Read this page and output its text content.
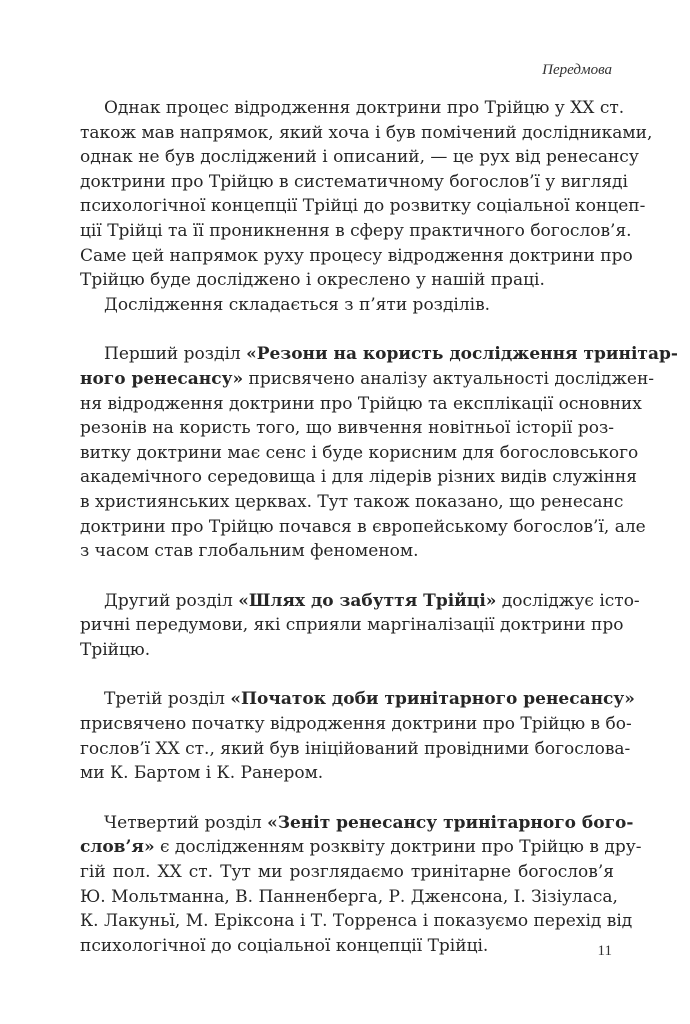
Передмова
Однак процес відродження доктрини про Трійцю у ХХ ст.
також мав напрямок, який хоча і був помічений дослідниками,
однак не був досліджений і описаний, — це рух від ренесансу
доктрини про Трійцю в систематичному богослов’ї у вигляді
психологічної концепції Трійці до розвитку соціальної концеп-
ції Трійці та її проникнення в сферу практичного богослов’я.
Саме цей напрямок руху процесу відродження доктрини про
Трійцю буде досліджено і окреслено у нашій праці.
Дослідження складається з п’яти розділів.
Перший розділ «Резони на користь дослідження тринітар-
ного ренесансу» присвячено аналізу актуальності досліджен-
ня відродження доктрини про Трійцю та експлікації основних
резонів на користь того, що вивчення новітньої історії роз-
витку доктрини має сенс і буде корисним для богословського
академічного середовища і для лідерів різних видів служіння
в християнських церквах. Тут також показано, що ренесанс
доктрини про Трійцю почався в європейському богослов’ї, але
з часом став глобальним феноменом.
Другий розділ «Шлях до забуття Трійці» досліджує істо-
ричні передумови, які сприяли маргіналізації доктрини про
Трійцю.
Третій розділ «Початок доби тринітарного ренесансу»
присвячено початку відродження доктрини про Трійцю в бо-
гослов’ї ХХ ст., який був ініційований провідними богослова-
ми К. Бартом і К. Ранером.
Четвертий розділ «Зеніт ренесансу тринітарного бого-
слов’я» є дослідженням розквіту доктрини про Трійцю в дру-
гій пол. ХХ ст. Тут ми розглядаємо тринітарне богослов’я
Ю. Мольтманна, В. Панненберга, Р. Дженсона, І. Зізіуласа,
К. Лакуньї, М. Еріксона і Т. Торренса і показуємо перехід від
психологічної до соціальної концепції Трійці.	11
